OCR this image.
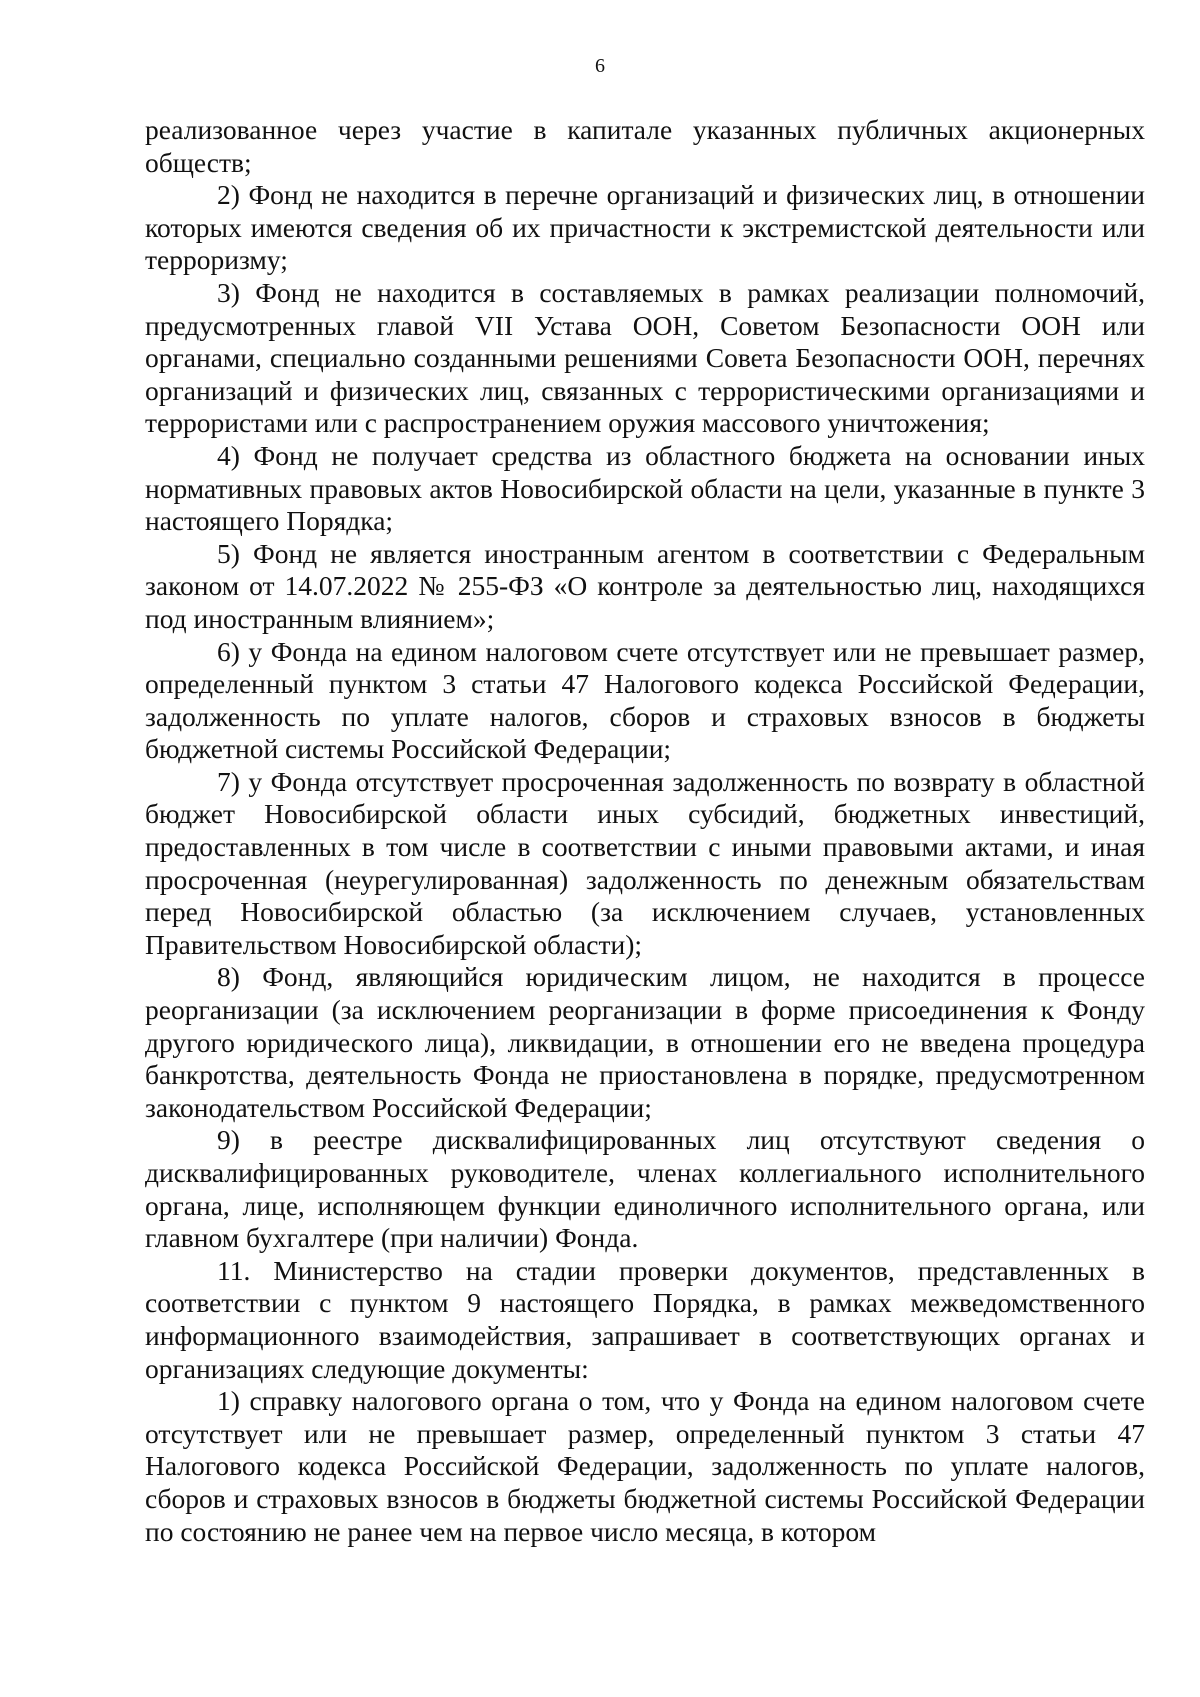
6

реализованное через участие в капитале указанных публичных акционерных обществ;

2) Фонд не находится в перечне организаций и физических лиц, в отношении которых имеются сведения об их причастности к экстремистской деятельности или терроризму;

3) Фонд не находится в составляемых в рамках реализации полномочий, предусмотренных главой VII Устава ООН, Советом Безопасности ООН или органами, специально созданными решениями Совета Безопасности ООН, перечнях организаций и физических лиц, связанных с террористическими организациями и террористами или с распространением оружия массового уничтожения;

4) Фонд не получает средства из областного бюджета на основании иных нормативных правовых актов Новосибирской области на цели, указанные в пункте 3 настоящего Порядка;

5) Фонд не является иностранным агентом в соответствии с Федеральным законом от 14.07.2022 № 255-ФЗ «О контроле за деятельностью лиц, находящихся под иностранным влиянием»;

6) у Фонда на едином налоговом счете отсутствует или не превышает размер, определенный пунктом 3 статьи 47 Налогового кодекса Российской Федерации, задолженность по уплате налогов, сборов и страховых взносов в бюджеты бюджетной системы Российской Федерации;

7) у Фонда отсутствует просроченная задолженность по возврату в областной бюджет Новосибирской области иных субсидий, бюджетных инвестиций, предоставленных в том числе в соответствии с иными правовыми актами, и иная просроченная (неурегулированная) задолженность по денежным обязательствам перед Новосибирской областью (за исключением случаев, установленных Правительством Новосибирской области);

8) Фонд, являющийся юридическим лицом, не находится в процессе реорганизации (за исключением реорганизации в форме присоединения к Фонду другого юридического лица), ликвидации, в отношении его не введена процедура банкротства, деятельность Фонда не приостановлена в порядке, предусмотренном законодательством Российской Федерации;

9) в реестре дисквалифицированных лиц отсутствуют сведения о дисквалифицированных руководителе, членах коллегиального исполнительного органа, лице, исполняющем функции единоличного исполнительного органа, или главном бухгалтере (при наличии) Фонда.

11. Министерство на стадии проверки документов, представленных в соответствии с пунктом 9 настоящего Порядка, в рамках межведомственного информационного взаимодействия, запрашивает в соответствующих органах и организациях следующие документы:

1) справку налогового органа о том, что у Фонда на едином налоговом счете отсутствует или не превышает размер, определенный пунктом 3 статьи 47 Налогового кодекса Российской Федерации, задолженность по уплате налогов, сборов и страховых взносов в бюджеты бюджетной системы Российской Федерации по состоянию не ранее чем на первое число месяца, в котором
